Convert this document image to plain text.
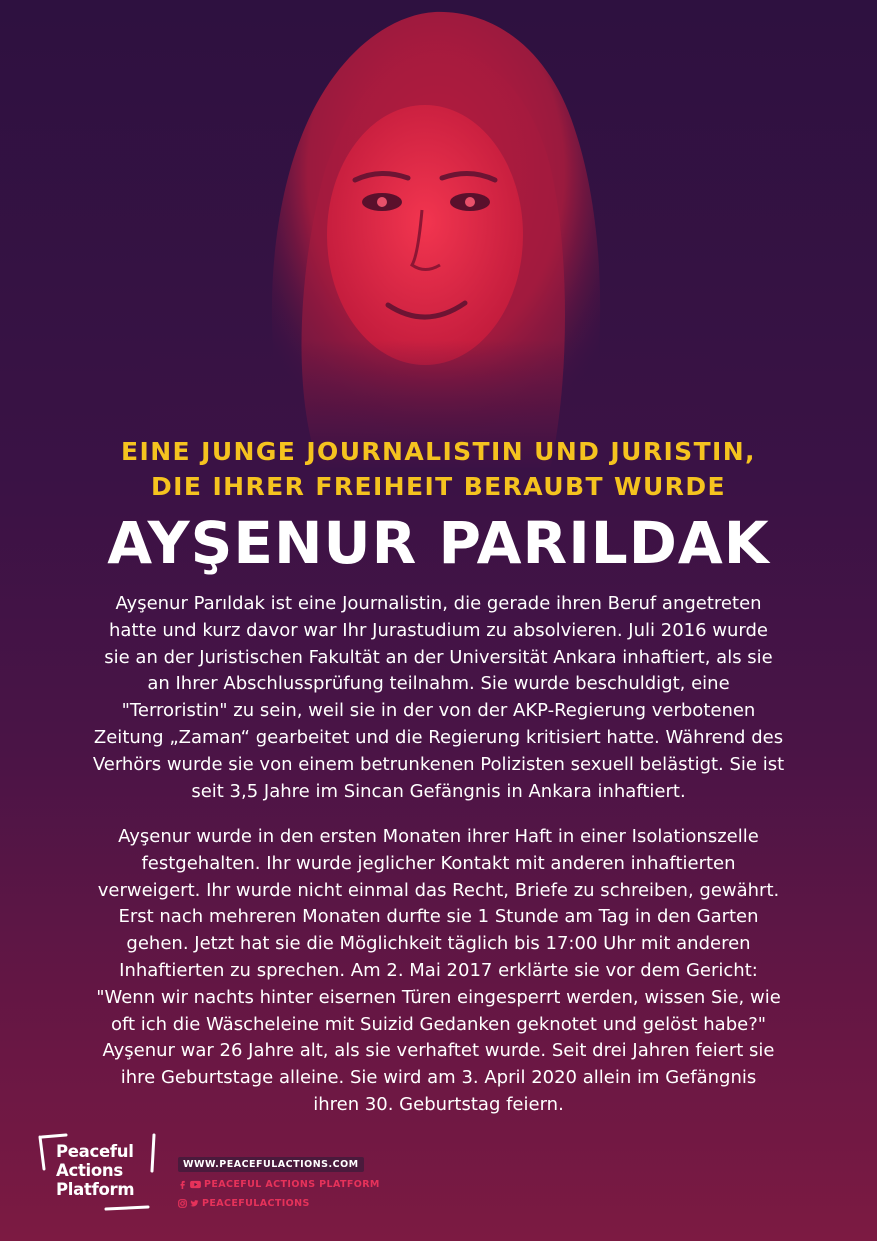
EINE JUNGE JOURNALISTIN UND JURISTIN,
DIE IHRER FREIHEIT BERAUBT WURDE
AYŞENUR PARILDAK
Ayşenur Parıldak ist eine Journalistin, die gerade ihren Beruf angetreten
hatte und kurz davor war Ihr Jurastudium zu absolvieren. Juli 2016 wurde
sie an der Juristischen Fakultät an der Universität Ankara inhaftiert, als sie
an Ihrer Abschlussprüfung teilnahm. Sie wurde beschuldigt, eine
"Terroristin" zu sein, weil sie in der von der AKP-Regierung verbotenen
Zeitung „Zaman“ gearbeitet und die Regierung kritisiert hatte. Während des
Verhörs wurde sie von einem betrunkenen Polizisten sexuell belästigt. Sie ist
seit 3,5 Jahre im Sincan Gefängnis in Ankara inhaftiert.
Ayşenur wurde in den ersten Monaten ihrer Haft in einer Isolationszelle
festgehalten. Ihr wurde jeglicher Kontakt mit anderen inhaftierten
verweigert. Ihr wurde nicht einmal das Recht, Briefe zu schreiben, gewährt.
Erst nach mehreren Monaten durfte sie 1 Stunde am Tag in den Garten
gehen. Jetzt hat sie die Möglichkeit täglich bis 17:00 Uhr mit anderen
Inhaftierten zu sprechen. Am 2. Mai 2017 erklärte sie vor dem Gericht:
"Wenn wir nachts hinter eisernen Türen eingesperrt werden, wissen Sie, wie
oft ich die Wäscheleine mit Suizid Gedanken geknotet und gelöst habe?"
Ayşenur war 26 Jahre alt, als sie verhaftet wurde. Seit drei Jahren feiert sie
ihre Geburtstage alleine. Sie wird am 3. April 2020 allein im Gefängnis
ihren 30. Geburtstag feiern.
Peaceful
Actions
Platform
WWW.PEACEFULACTIONS.COM
PEACEFUL ACTIONS PLATFORM
PEACEFULACTIONS
